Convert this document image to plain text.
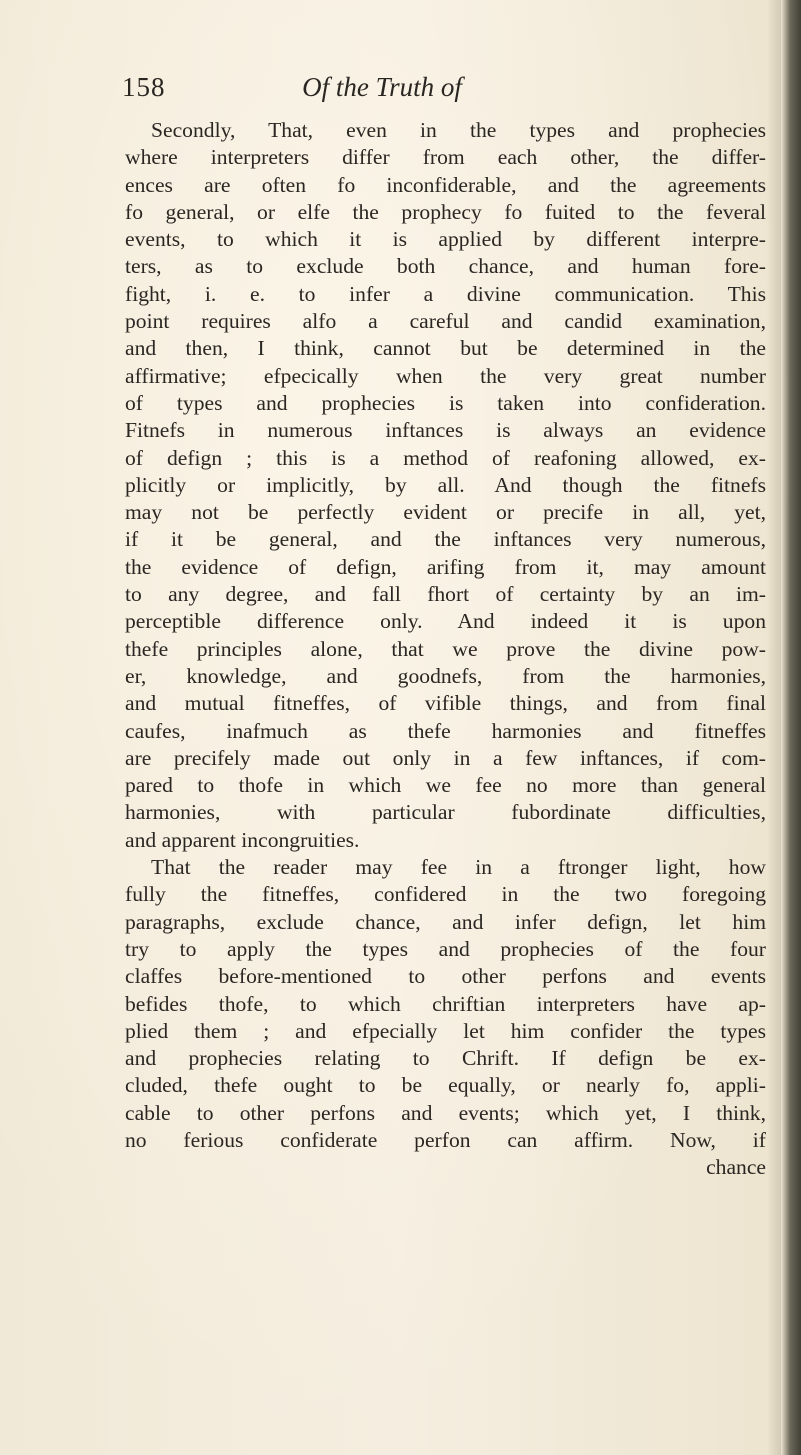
158	Of the Truth of
Secondly, That, even in the types and prophecies
where interpreters differ from each other, the differ-
ences are often fo inconfiderable, and the agreements
fo general, or elfe the prophecy fo fuited to the feveral
events, to which it is applied by different interpre-
ters, as to exclude both chance, and human fore-
fight, i. e. to infer a divine communication. This
point requires alfo a careful and candid examination,
and then, I think, cannot but be determined in the
affirmative; efpecically when the very great number
of types and prophecies is taken into confideration.
Fitnefs in numerous inftances is always an evidence
of defign ; this is a method of reafoning allowed, ex-
plicitly or implicitly, by all. And though the fitnefs
may not be perfectly evident or precife in all, yet,
if it be general, and the inftances very numerous,
the evidence of defign, arifing from it, may amount
to any degree, and fall fhort of certainty by an im-
perceptible difference only. And indeed it is upon
thefe principles alone, that we prove the divine pow-
er, knowledge, and goodnefs, from the harmonies,
and mutual fitneffes, of vifible things, and from final
caufes, inafmuch as thefe harmonies and fitneffes
are precifely made out only in a few inftances, if com-
pared to thofe in which we fee no more than general
harmonies, with particular fubordinate difficulties,
and apparent incongruities.
That the reader may fee in a ftronger light, how
fully the fitneffes, confidered in the two foregoing
paragraphs, exclude chance, and infer defign, let him
try to apply the types and prophecies of the four
claffes before-mentioned to other perfons and events
befides thofe, to which chriftian interpreters have ap-
plied them ; and efpecially let him confider the types
and prophecies relating to Chrift. If defign be ex-
cluded, thefe ought to be equally, or nearly fo, appli-
cable to other perfons and events; which yet, I think,
no ferious confiderate perfon can affirm. Now, if
chance
